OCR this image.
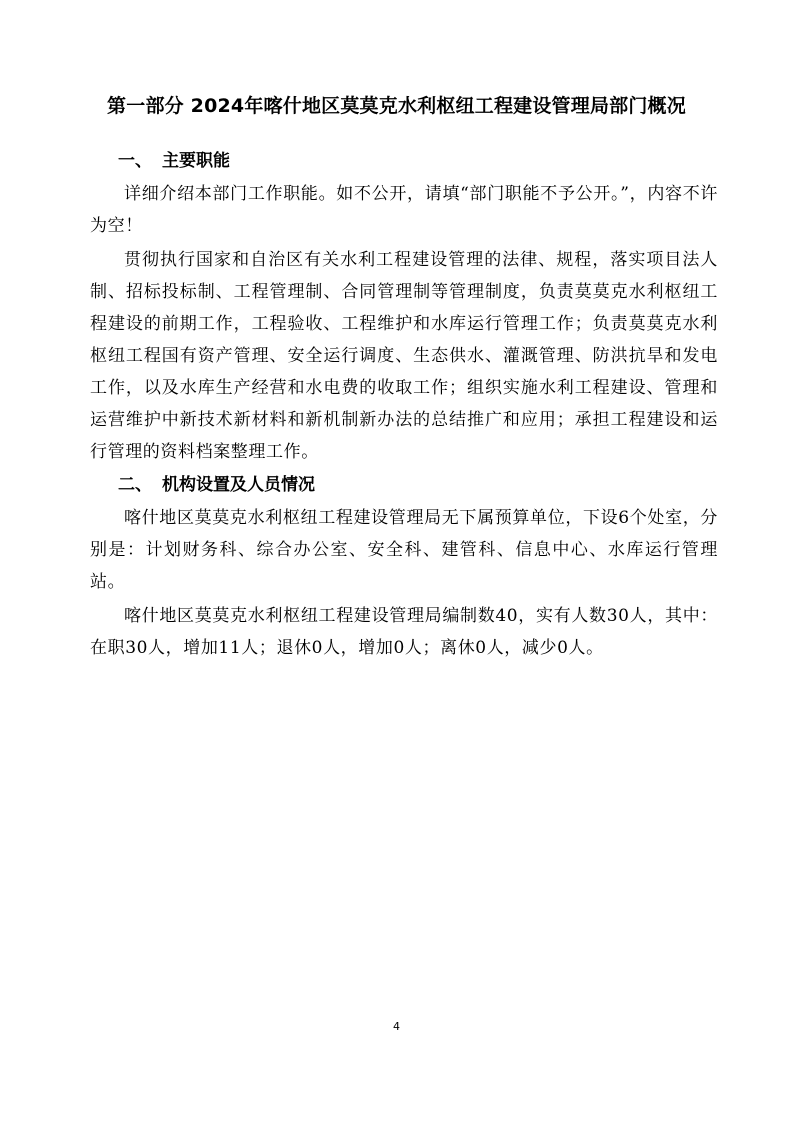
第一部分 2024年喀什地区莫莫克水利枢纽工程建设管理局部门概况
一、 主要职能

详细介绍本部门工作职能。如不公开，请填“部门职能不予公开。”，内容不许为空！

贯彻执行国家和自治区有关水利工程建设管理的法律、规程，落实项目法人制、招标投标制、工程管理制、合同管理制等管理制度，负责莫莫克水利枢纽工程建设的前期工作，工程验收、工程维护和水库运行管理工作；负责莫莫克水利枢纽工程国有资产管理、安全运行调度、生态供水、灌溉管理、防洪抗旱和发电工作，以及水库生产经营和水电费的收取工作；组织实施水利工程建设、管理和运营维护中新技术新材料和新机制新办法的总结推广和应用；承担工程建设和运行管理的资料档案整理工作。

二、 机构设置及人员情况

喀什地区莫莫克水利枢纽工程建设管理局无下属预算单位，下设6个处室，分别是：计划财务科、综合办公室、安全科、建管科、信息中心、水库运行管理站。

喀什地区莫莫克水利枢纽工程建设管理局编制数40，实有人数30人，其中：在职30人，增加11人；退休0人，增加0人；离休0人，减少0人。

4
